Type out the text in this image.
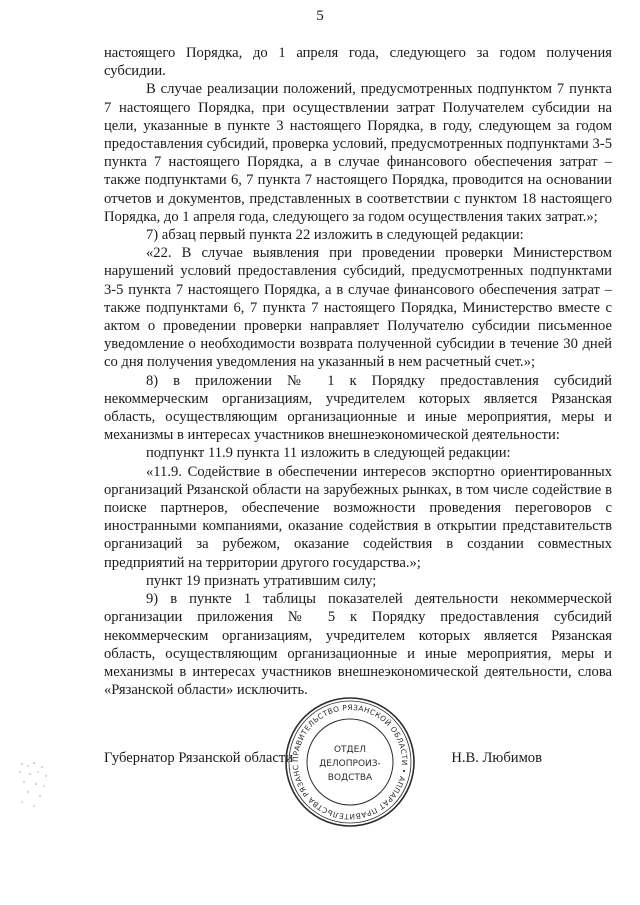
5

настоящего Порядка, до 1 апреля года, следующего за годом получения субсидии.

В случае реализации положений, предусмотренных подпунктом 7 пункта 7 настоящего Порядка, при осуществлении затрат Получателем субсидии на цели, указанные в пункте 3 настоящего Порядка, в году, следующем за годом предоставления субсидий, проверка условий, предусмотренных подпунктами 3-5 пункта 7 настоящего Порядка, а в случае финансового обеспечения затрат – также подпунктами 6, 7 пункта 7 настоящего Порядка, проводится на основании отчетов и документов, представленных в соответствии с пунктом 18 настоящего Порядка, до 1 апреля года, следующего за годом осуществления таких затрат.»;

7) абзац первый пункта 22 изложить в следующей редакции:

«22. В случае выявления при проведении проверки Министерством нарушений условий предоставления субсидий, предусмотренных подпунктами 3-5 пункта 7 настоящего Порядка, а в случае финансового обеспечения затрат – также подпунктами 6, 7 пункта 7 настоящего Порядка, Министерство вместе с актом о проведении проверки направляет Получателю субсидии письменное уведомление о необходимости возврата полученной субсидии в течение 30 дней со дня получения уведомления на указанный в нем расчетный счет.»;

8) в приложении № 1 к Порядку предоставления субсидий некоммерческим организациям, учредителем которых является Рязанская область, осуществляющим организационные и иные мероприятия, меры и механизмы в интересах участников внешнеэкономической деятельности:

подпункт 11.9 пункта 11 изложить в следующей редакции:

«11.9. Содействие в обеспечении интересов экспортно ориентированных организаций Рязанской области на зарубежных рынках, в том числе содействие в поиске партнеров, обеспечение возможности проведения переговоров с иностранными компаниями, оказание содействия в открытии представительств организаций за рубежом, оказание содействия в создании совместных предприятий на территории другого государства.»;

пункт 19 признать утратившим силу;

9) в пункте 1 таблицы показателей деятельности некоммерческой организации приложения № 5 к Порядку предоставления субсидий некоммерческим организациям, учредителем которых является Рязанская область, осуществляющим организационные и иные мероприятия, меры и механизмы в интересах участников внешнеэкономической деятельности, слова «Рязанской области» исключить.

Губернатор Рязанской области	Н.В. Любимов
ПРАВИТЕЛЬСТВО РЯЗАНСКОЙ ОБЛАСТИ • АППАРАТ ПРАВИТЕЛЬСТВА РЯЗАНС
ОТДЕЛ
ДЕЛОПРОИЗ-
ВОДСТВА
